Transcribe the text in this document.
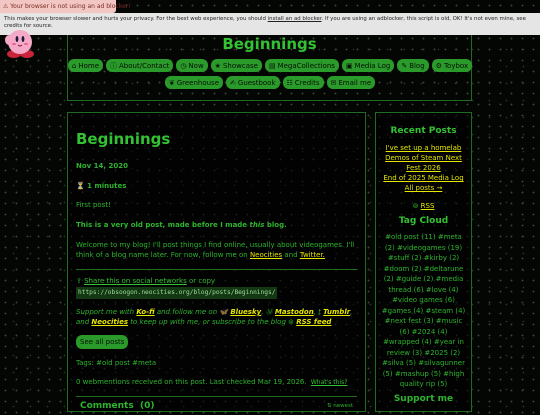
⚠ Your browser is not using an ad blocker!
This makes your browser slower and hurts your privacy. For the best web experience, you should install an ad blocker. If you are using an adblocker, this script is old, OK! It's not even mine, see credits for source.
Beginnings
⌂ Home ⓘ About/Contact ◷ Now ★ Showcase ▤ MegaCollections ▣ Media Log ✎ Blog ⚙ Toybox
❦ Greenhouse ✍ Guestbook ☷ Credits ✉ Email me
Beginnings
Nov 14, 2020
⏳ 1 minutes
First post!
This is a very old post, made before I made this blog.
Welcome to my blog! I'll post things I find online, usually about videogames. I'll think of a blog name later. For now, follow me on Neocities and Twitter.
⇪ Share this on social networks or copy
https://obsoogon.neocities.org/blog/posts/Beginnings/
Support me with Ko-fi and follow me on 🦋 Bluesky, Ⓜ Mastodon, ṯ Tumblr, and Neocities to keep up with me, or subscribe to the blog ⊚ RSS feed
See all posts
Tags: #old post #meta
0 webmentions received on this post. Last checked Mar 19, 2026. What's this?
Comments (0)	⇅ newest
Recent Posts
I've set up a homelab
Demos of Steam Next Fest 2026
End of 2025 Media Log
All posts →
⊚ RSS
Tag Cloud
#old post (11) #meta (2) #videogames (19) #stuff (2) #kirby (2) #doom (2) #deltarune (2) #guide (2) #media thread (6) #love (4) #video games (6) #games (4) #steam (4) #next fest (3) #music (6) #2024 (4) #wrapped (4) #year in review (3) #2025 (2) #silva (5) #silvagunner (5) #mashup (5) #high quality rip (5)
Support me
